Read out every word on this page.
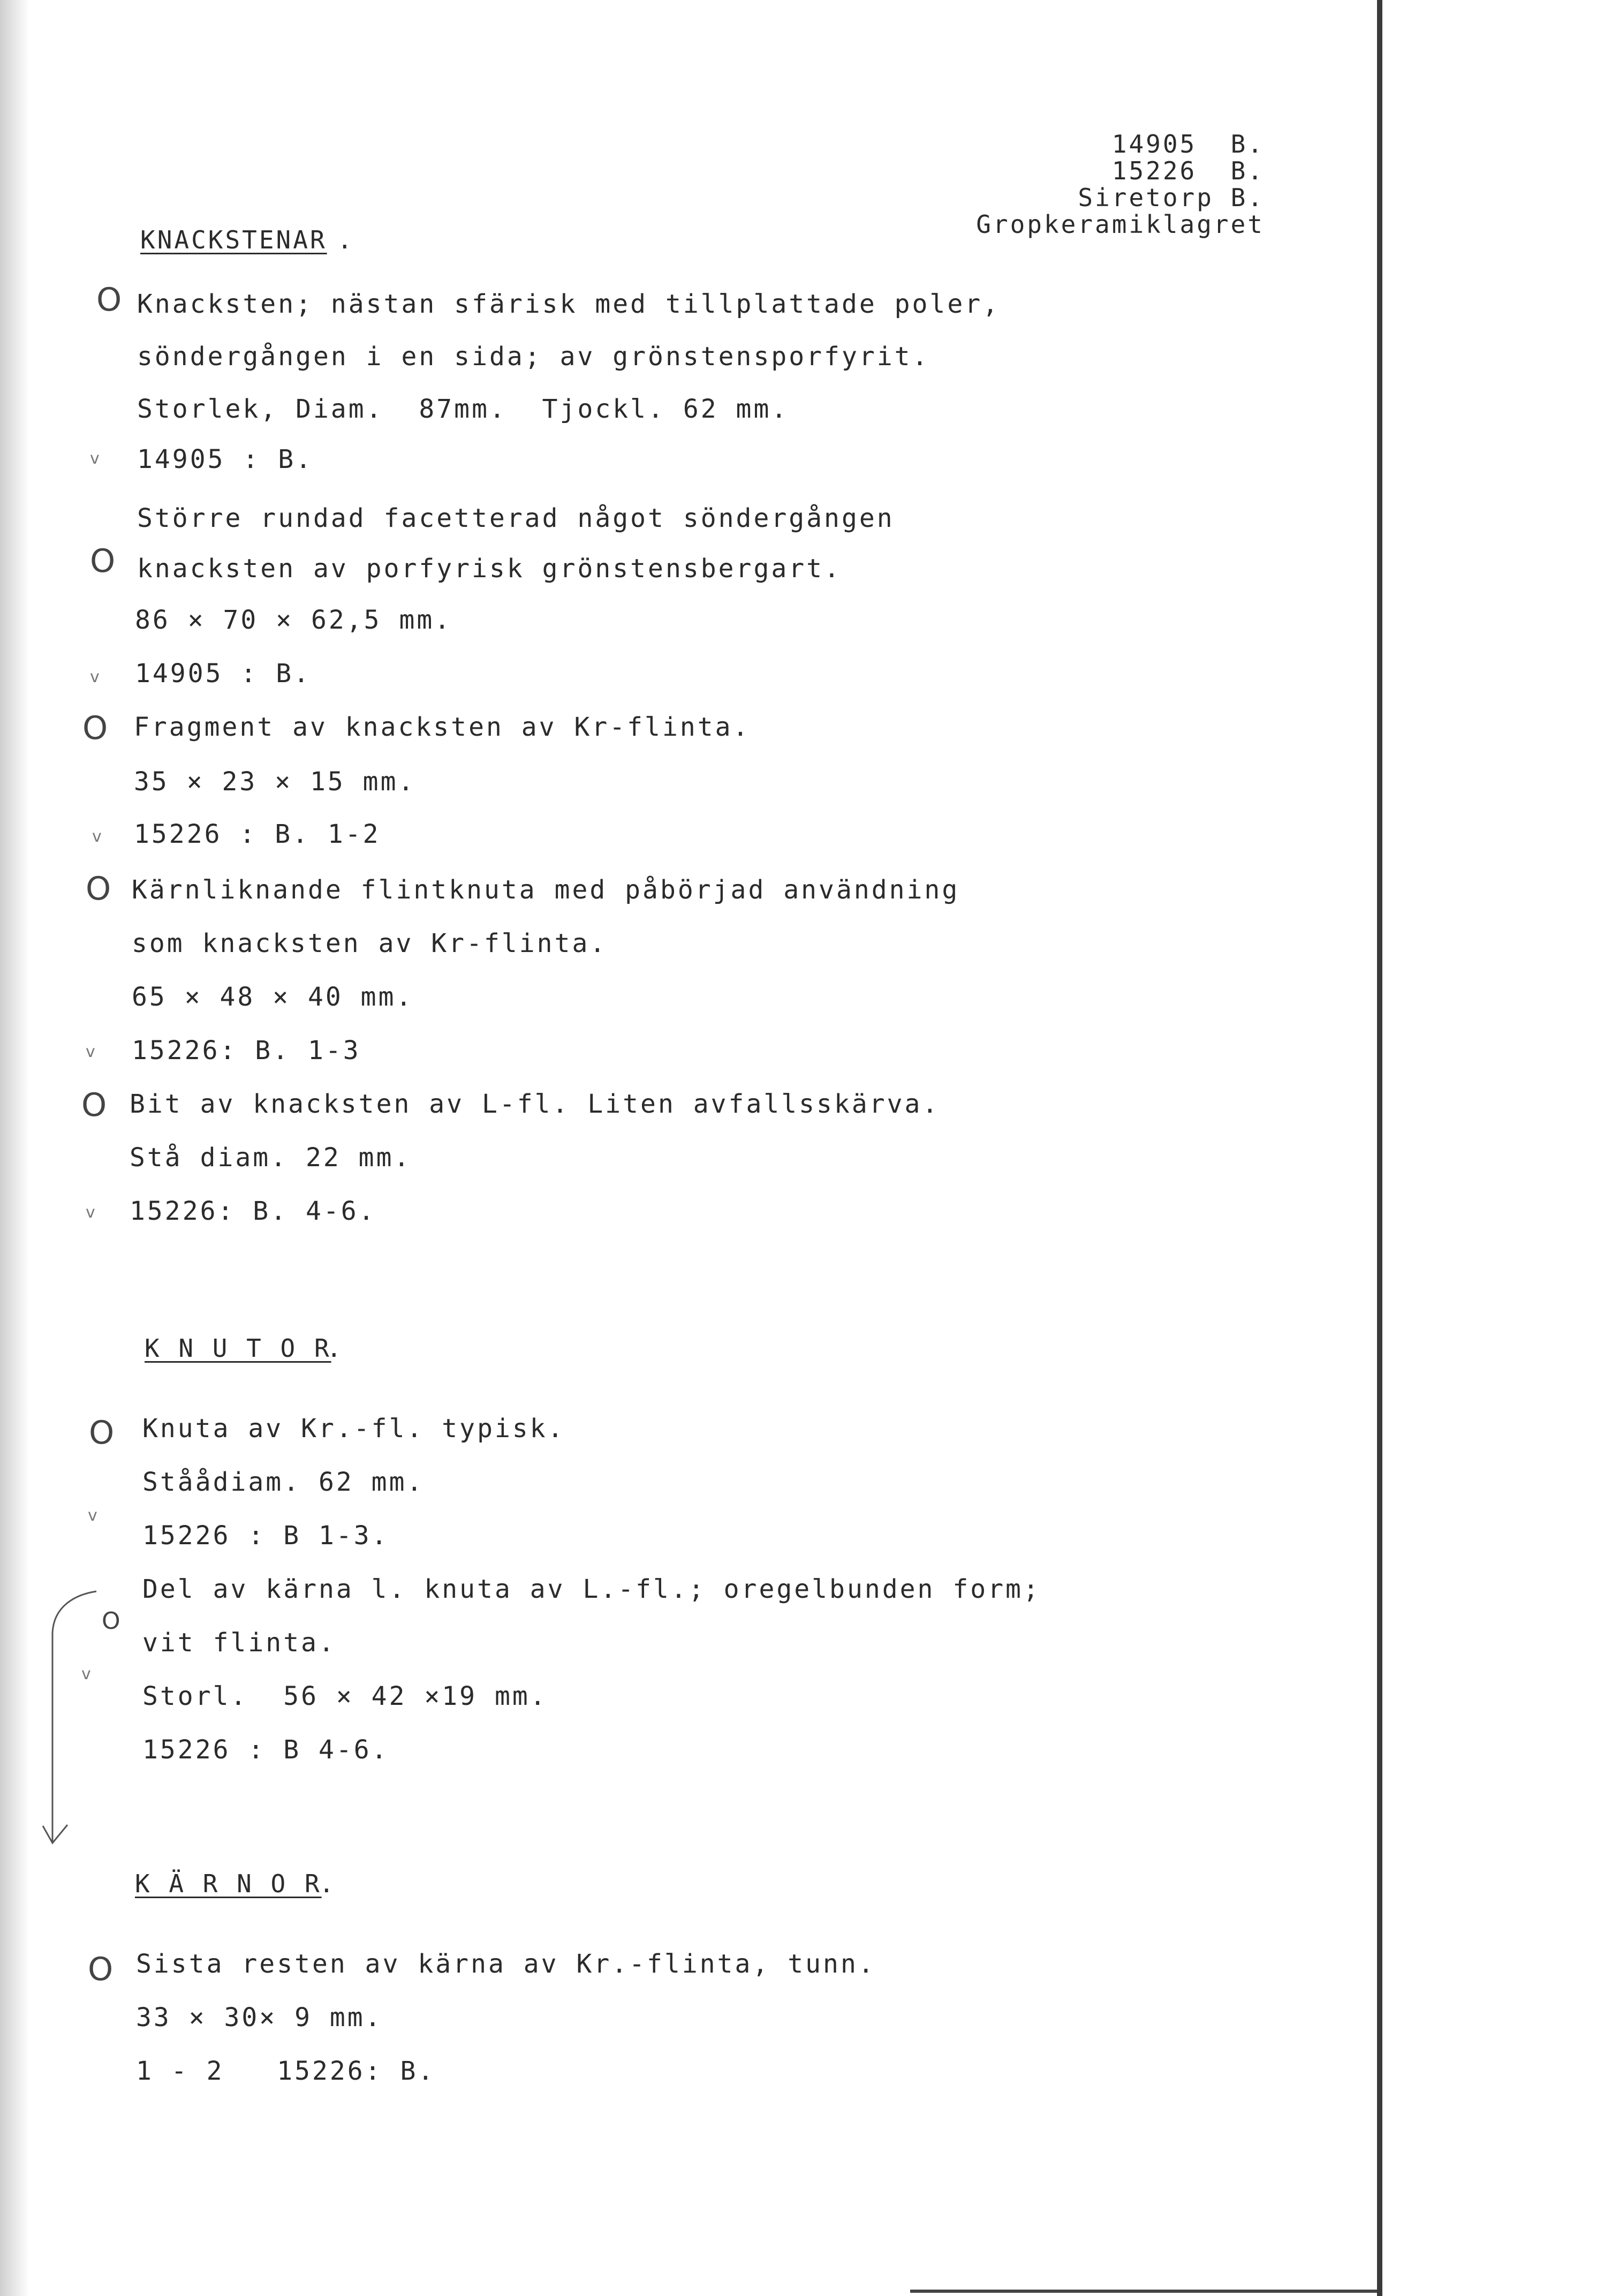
14905  B.
15226  B.
Siretorp B.
Gropkeramiklagret
KNACKSTENAR .
O Knacksten; nästan sfärisk med tillplattade poler,
söndergången i en sida; av grönstensporfyrit.
Storlek, Diam.  87mm.  Tjockl. 62 mm.
v 14905 : B.
Större rundad facetterad något söndergången
O knacksten av porfyrisk grönstensbergart.
86 × 70 × 62,5 mm.
v 14905 : B.
O Fragment av knacksten av Kr-flinta.
35 × 23 × 15 mm.
v 15226 : B. 1-2
O Kärnliknande flintknuta med påbörjad användning
som knacksten av Kr-flinta.
65 × 48 × 40 mm.
v 15226: B. 1-3
O Bit av knacksten av L-fl. Liten avfallsskärva.
Stå diam. 22 mm.
v 15226: B. 4-6.
K N U T O R
.
O Knuta av Kr.-fl. typisk.
v
Ståådiam. 62 mm.
15226 : B 1-3.
Del av kärna l. knuta av L.-fl.; oregelbunden form;
O
vit flinta.
v
Storl.  56 × 42 ×19 mm.
15226 : B 4-6.
K Ä R N O R
.
O Sista resten av kärna av Kr.-flinta, tunn.
33 × 30× 9 mm.
1 - 2   15226: B.
